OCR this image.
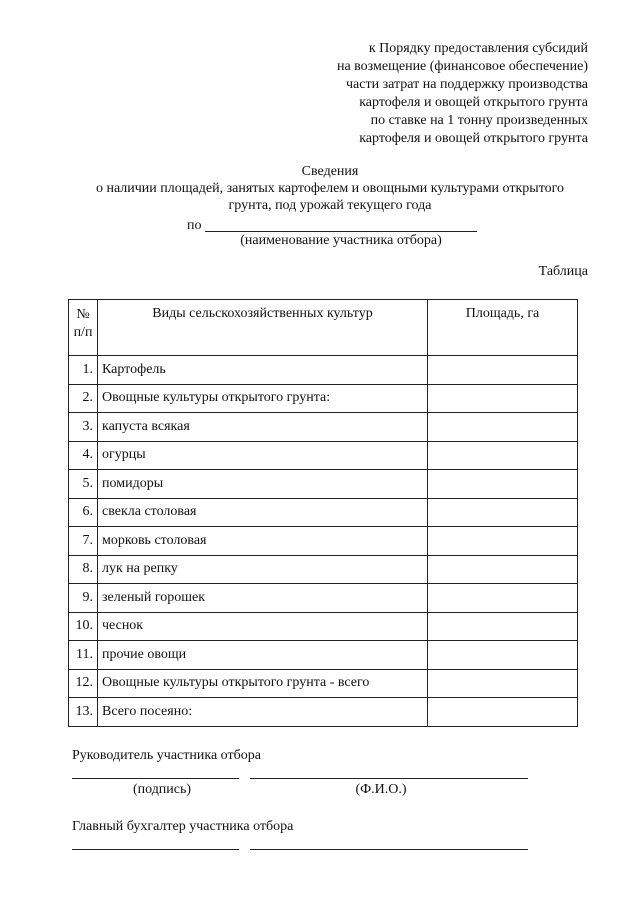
к Порядку предоставления субсидий
на возмещение (финансовое обеспечение)
части затрат на поддержку производства
картофеля и овощей открытого грунта
по ставке на 1 тонну произведенных
картофеля и овощей открытого грунта
Сведения
о наличии площадей, занятых картофелем и овощными культурами открытого
грунта, под урожай текущего года
по
(наименование участника отбора)
Таблица
№ п/п	Виды сельскохозяйственных культур	Площадь, га
1.	Картофель	
2.	Овощные культуры открытого грунта:	
3.	капуста всякая	
4.	огурцы	
5.	помидоры	
6.	свекла столовая	
7.	морковь столовая	
8.	лук на репку	
9.	зеленый горошек	
10.	чеснок	
11.	прочие овощи	
12.	Овощные культуры открытого грунта - всего	
13.	Всего посеяно:	
Руководитель участника отбора
(подпись)	(Ф.И.О.)
Главный бухгалтер участника отбора
